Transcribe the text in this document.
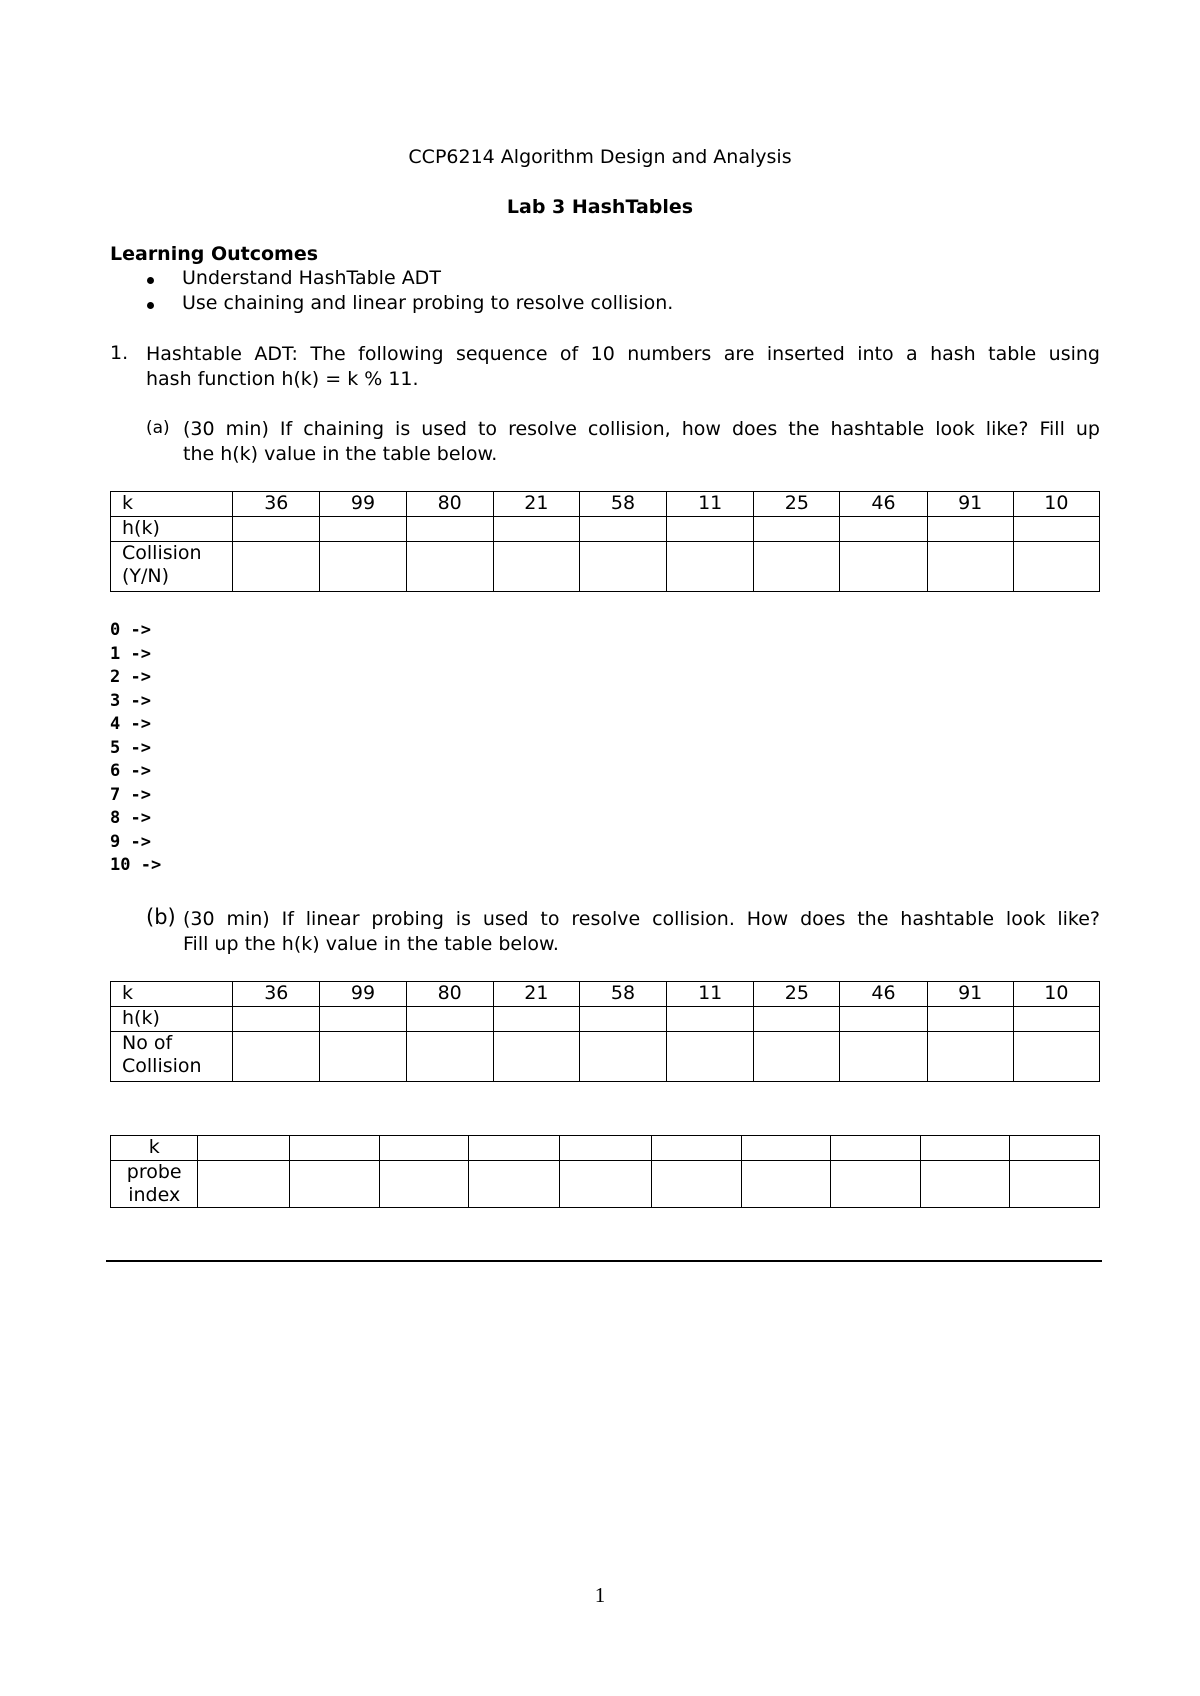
CCP6214 Algorithm Design and Analysis
Lab 3 HashTables
Learning Outcomes
Understand HashTable ADT
Use chaining and linear probing to resolve collision.
1. Hashtable ADT: The following sequence of 10 numbers are inserted into a hash table using
hash function h(k) = k % 11.
(a) (30 min) If chaining is used to resolve collision, how does the hashtable look like? Fill up
the h(k) value in the table below.
k	36	99	80	21	58	11	25	46	91	10
h(k)										
Collision (Y/N)										
0 ->
1 ->
2 ->
3 ->
4 ->
5 ->
6 ->
7 ->
8 ->
9 ->
10 ->
(b) (30 min) If linear probing is used to resolve collision. How does the hashtable look like?
Fill up the h(k) value in the table below.
k	36	99	80	21	58	11	25	46	91	10
h(k)										
No of Collision										
k										
probe index										
1
